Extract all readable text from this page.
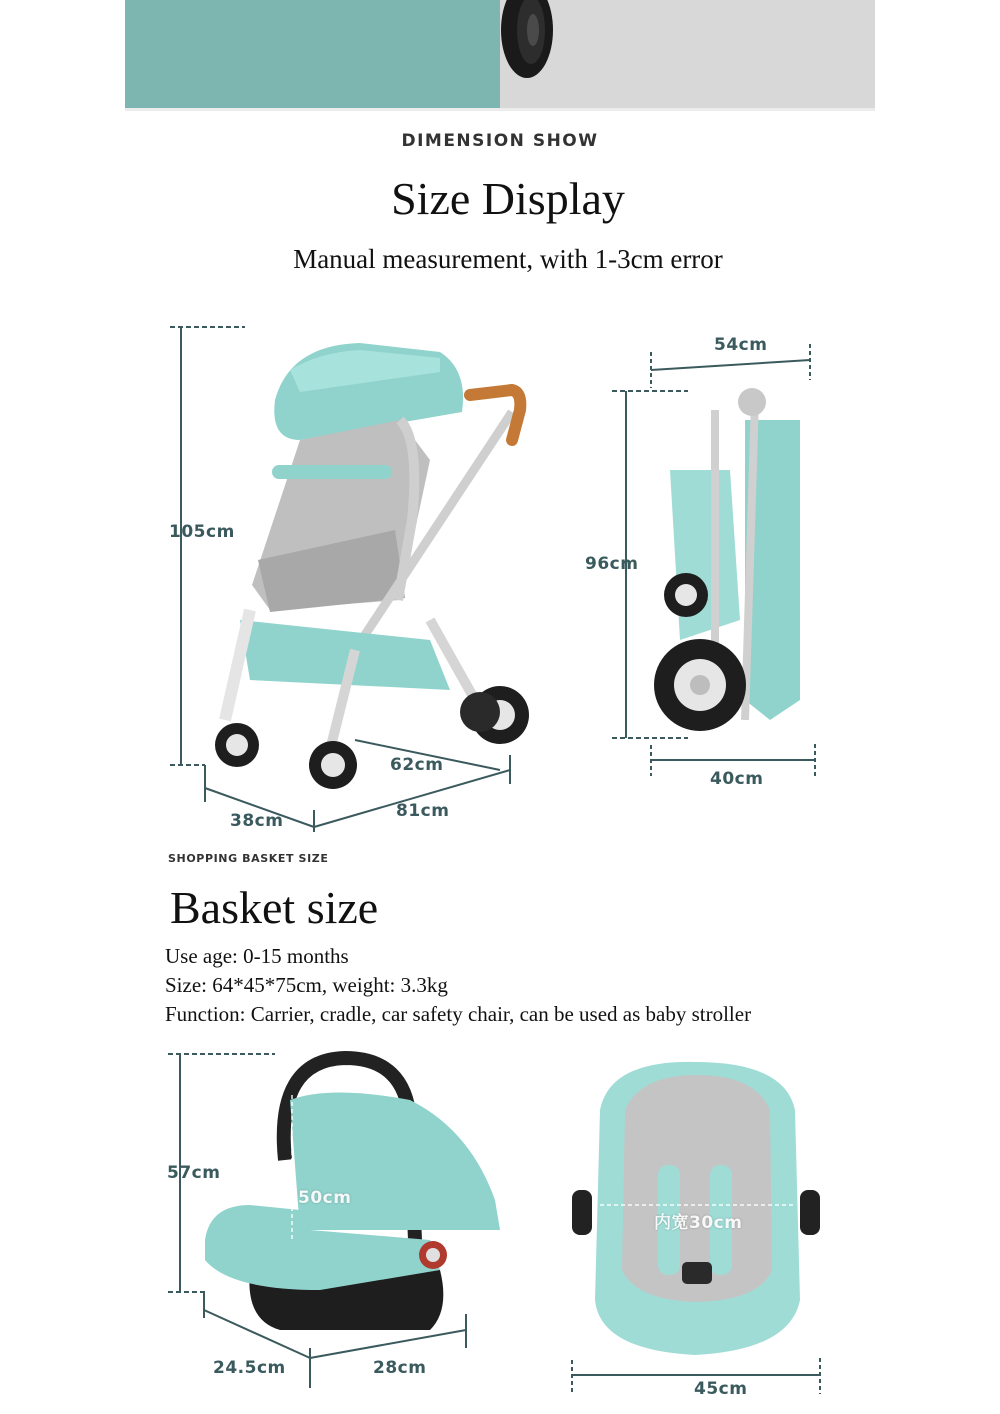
DIMENSION SHOW
Size Display
Manual measurement, with 1-3cm error
105cm
38cm	81cm
62cm
54cm
96cm
40cm
SHOPPING BASKET SIZE
Basket size
Use age: 0-15 months
Size: 64*45*75cm, weight: 3.3kg
Function: Carrier, cradle, car safety chair, can be used as baby stroller
57cm
50cm
24.5cm	28cm
内宽30cm
45cm
